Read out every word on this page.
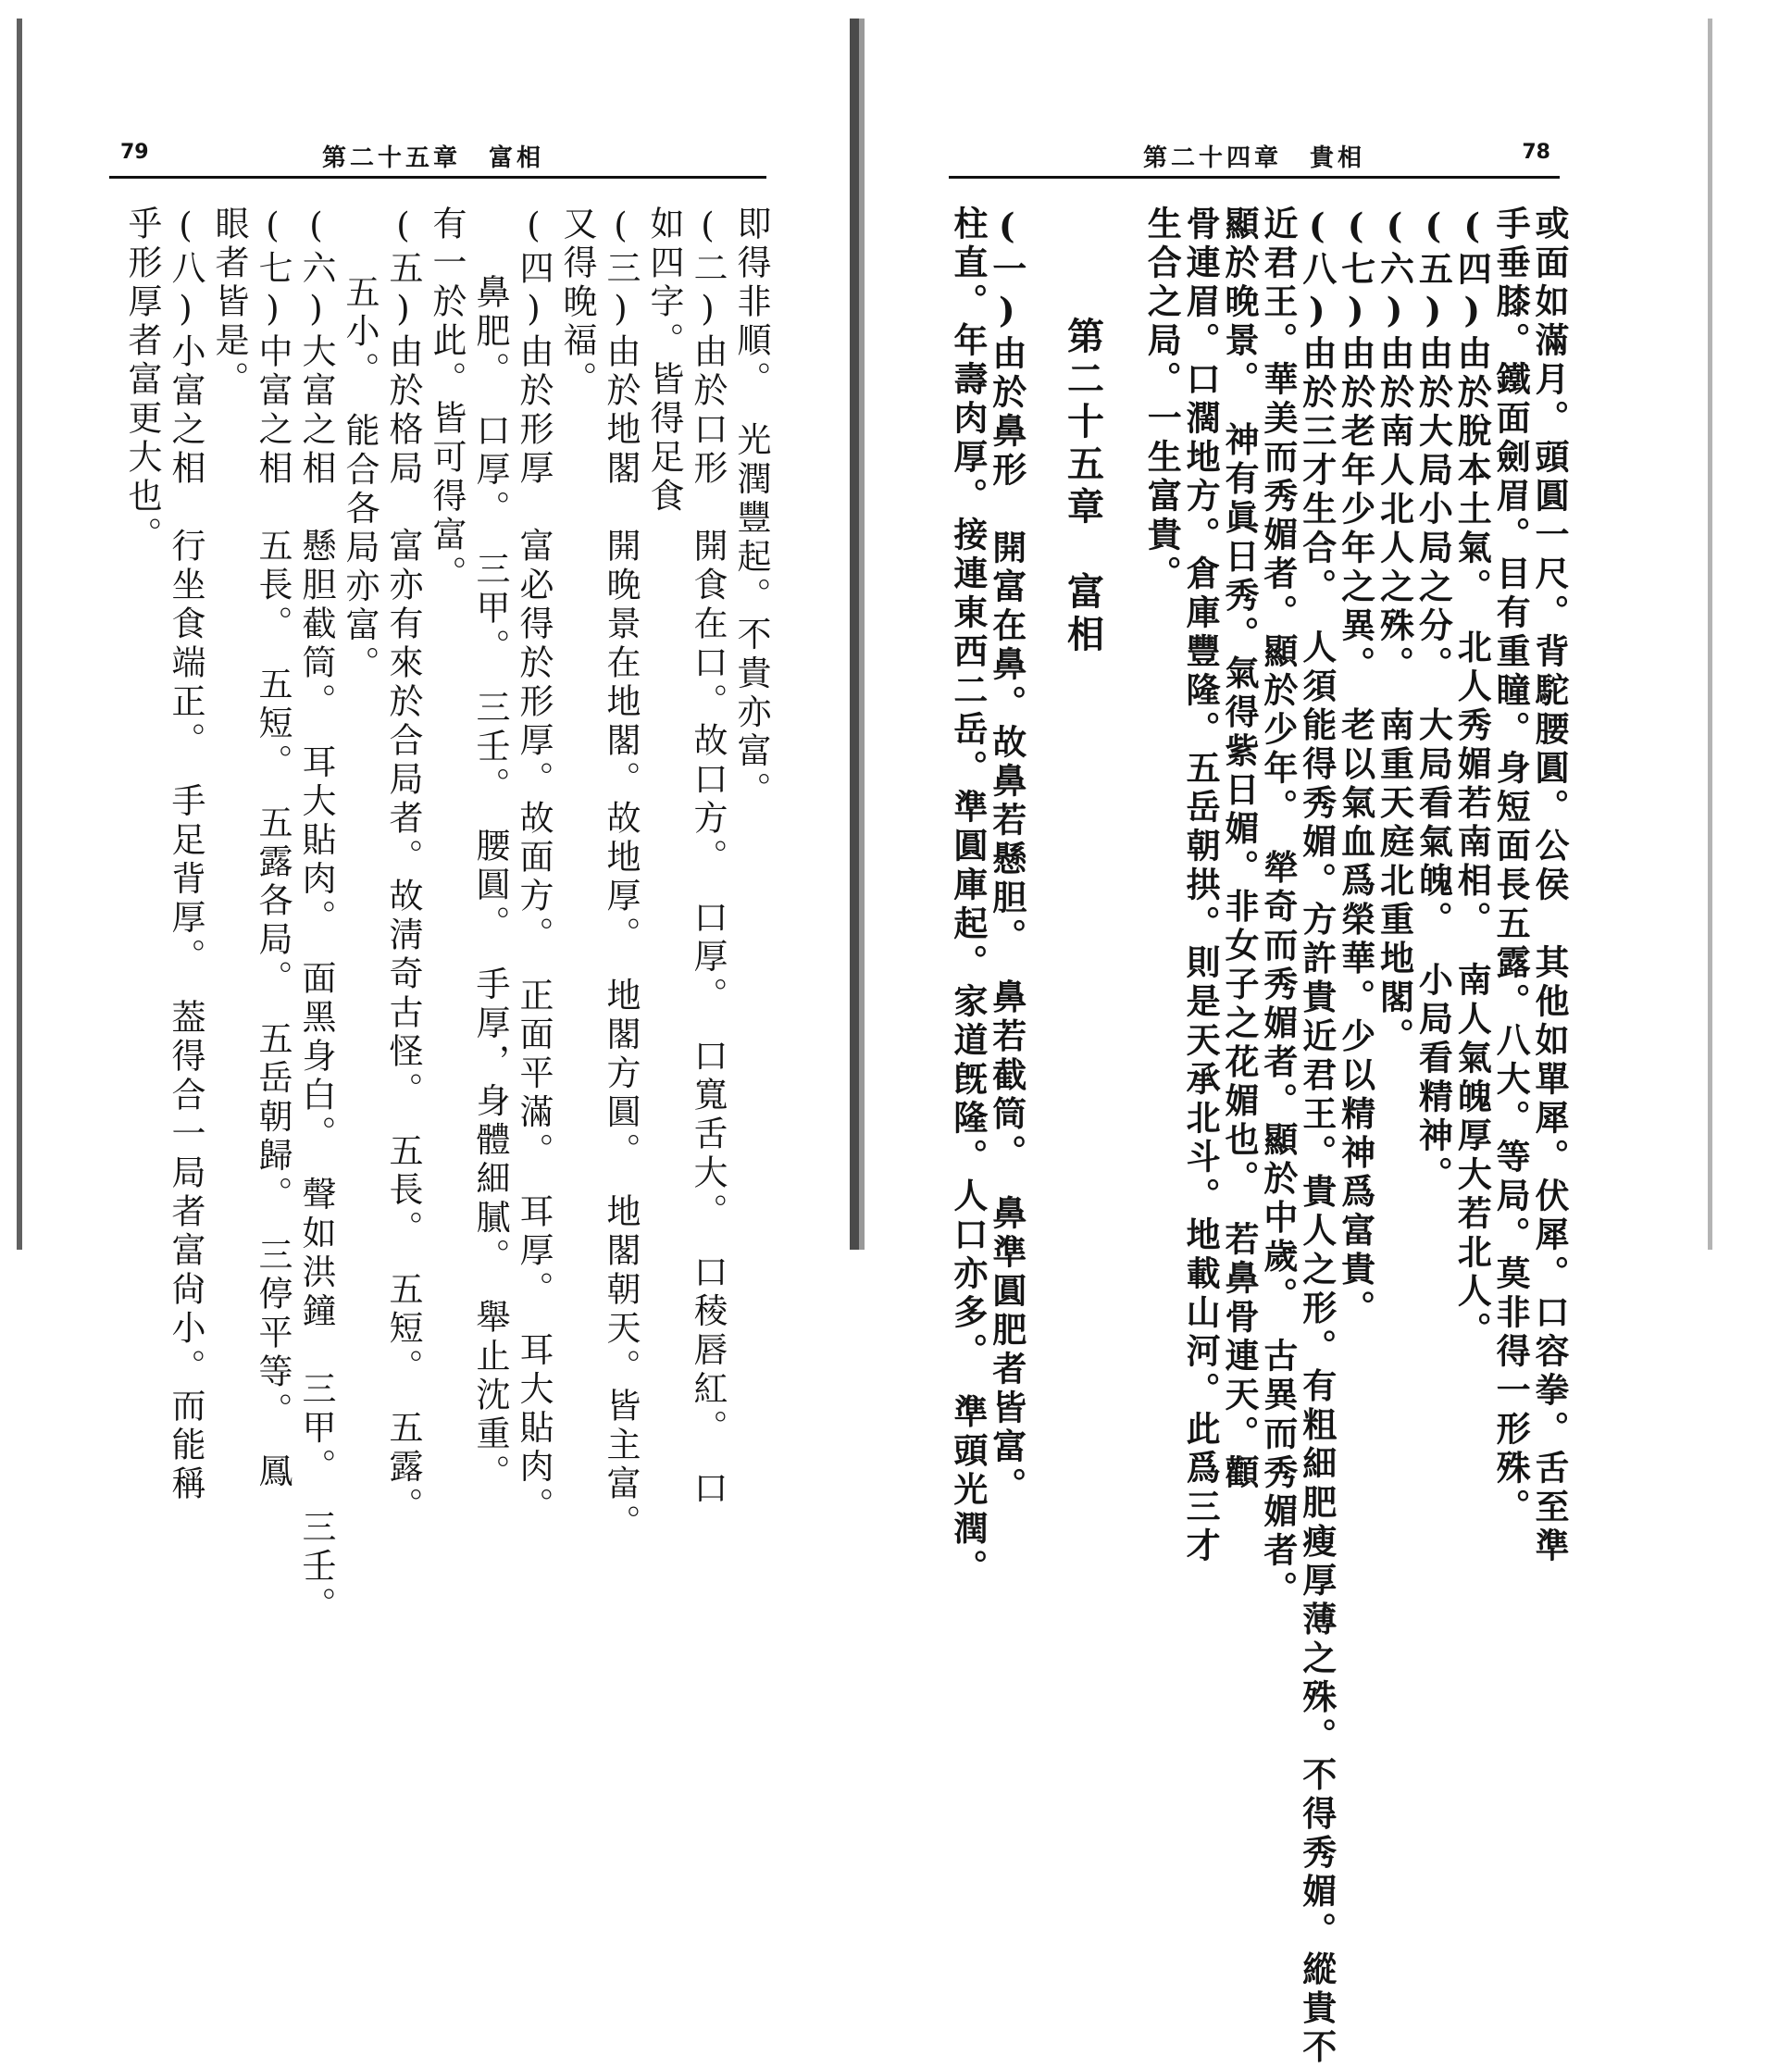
79	第二十五章　富相
即得非順。　光潤豐起。不貴亦富。
(二)由於口形　開食在口。故口方。　口厚。　口寬舌大。　口稜唇紅。　口
如四字。皆得足食
(三)由於地閣　開晚景在地閣。故地厚。　地閣方圓。　地閣朝天。皆主富。
又得晚福。
(四)由於形厚　富必得於形厚。故面方。　正面平滿。　耳厚。　耳大貼肉。
鼻肥。　口厚。　三甲。　三壬。　腰圓。　手厚，身體細膩。　舉止沈重。
有一於此。皆可得富。
(五)由於格局　富亦有來於合局者。故淸奇古怪。　五長。　五短。　五露。
五小。　能合各局亦富。
(六)大富之相　懸胆截筒。　耳大貼肉。　面黑身白。　聲如洪鐘　三甲。　三壬。
(七)中富之相　五長。　五短。　五露各局。　五岳朝歸。　三停平等。　鳳
眼者皆是。
(八)小富之相　行坐食端正。　手足背厚。　葢得合一局者富尙小。而能稱
乎形厚者富更大也。
第二十四章　貴相	78
或面如滿月。頭圓一尺。背駝腰圓。公侯　其他如單犀。伏犀。口容拳。舌至準
手垂膝。鐵面劍眉。目有重瞳。身短面長五露。八大。等局。莫非得一形殊。
(四)由於脫本土氣。　北人秀媚若南相。　南人氣魄厚大若北人。
(五)由於大局小局之分。　大局看氣魄。　小局看精神。
(六)由於南人北人之殊。　南重天庭北重地閣。
(七)由於老年少年之異。　老以氣血爲榮華。少以精神爲富貴。
(八)由於三才生合。　人須能得秀媚。方許貴近君王。貴人之形。有粗細肥瘦厚薄之殊。不得秀媚。縱貴不
近君王。華美而秀媚者。顯於少年。　犖奇而秀媚者。顯於中歲。　古異而秀媚者。
顯於晚景。　神有眞日秀。氣得紫日媚。非女子之花媚也。　若鼻骨連天。顴
骨連眉。口濶地方。倉庫豐隆。五岳朝拱。則是天承北斗。地載山河。此爲三才
生合之局。一生富貴。
第二十五章　富相
(一)由於鼻形　開富在鼻。故鼻若懸胆。　鼻若截筒。　鼻準圓肥者皆富。
柱直。年壽肉厚。接連東西二岳。準圓庫起。家道旣隆。人口亦多。　準頭光潤。
